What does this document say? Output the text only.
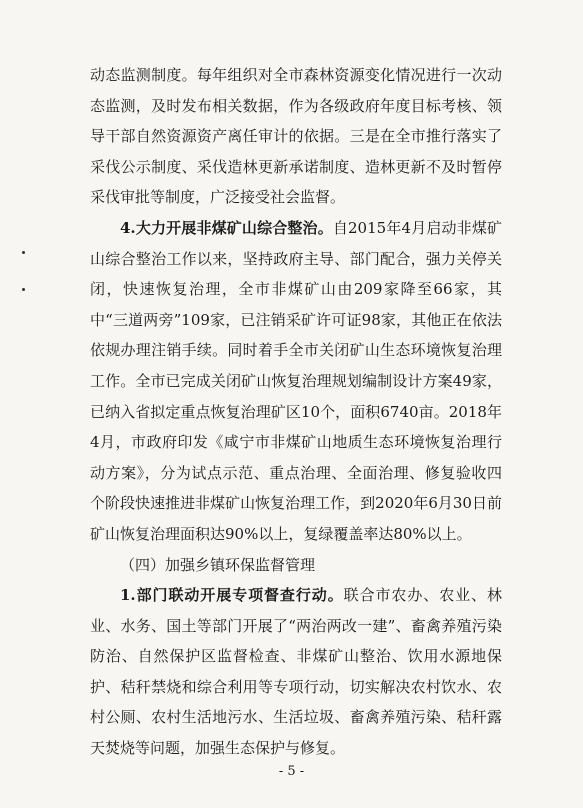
动态监测制度。每年组织对全市森林资源变化情况进行一次动态监测，及时发布相关数据，作为各级政府年度目标考核、领导干部自然资源资产离任审计的依据。三是在全市推行落实了采伐公示制度、采伐造林更新承诺制度、造林更新不及时暂停采伐审批等制度，广泛接受社会监督。

4.大力开展非煤矿山综合整治。自2015年4月启动非煤矿山综合整治工作以来，坚持政府主导、部门配合，强力关停关闭，快速恢复治理，全市非煤矿山由209家降至66家，其中“三道两旁”109家，已注销采矿许可证98家，其他正在依法依规办理注销手续。同时着手全市关闭矿山生态环境恢复治理工作。全市已完成关闭矿山恢复治理规划编制设计方案49家，已纳入省拟定重点恢复治理矿区10个，面积6740亩。2018年4月，市政府印发《咸宁市非煤矿山地质生态环境恢复治理行动方案》，分为试点示范、重点治理、全面治理、修复验收四个阶段快速推进非煤矿山恢复治理工作，到2020年6月30日前矿山恢复治理面积达90%以上，复绿覆盖率达80%以上。

（四）加强乡镇环保监督管理

1.部门联动开展专项督查行动。联合市农办、农业、林业、水务、国土等部门开展了“两治两改一建”、畜禽养殖污染防治、自然保护区监督检查、非煤矿山整治、饮用水源地保护、秸秆禁烧和综合利用等专项行动，切实解决农村饮水、农村公厕、农村生活地污水、生活垃圾、畜禽养殖污染、秸秆露天焚烧等问题，加强生态保护与修复。

- 5 -
